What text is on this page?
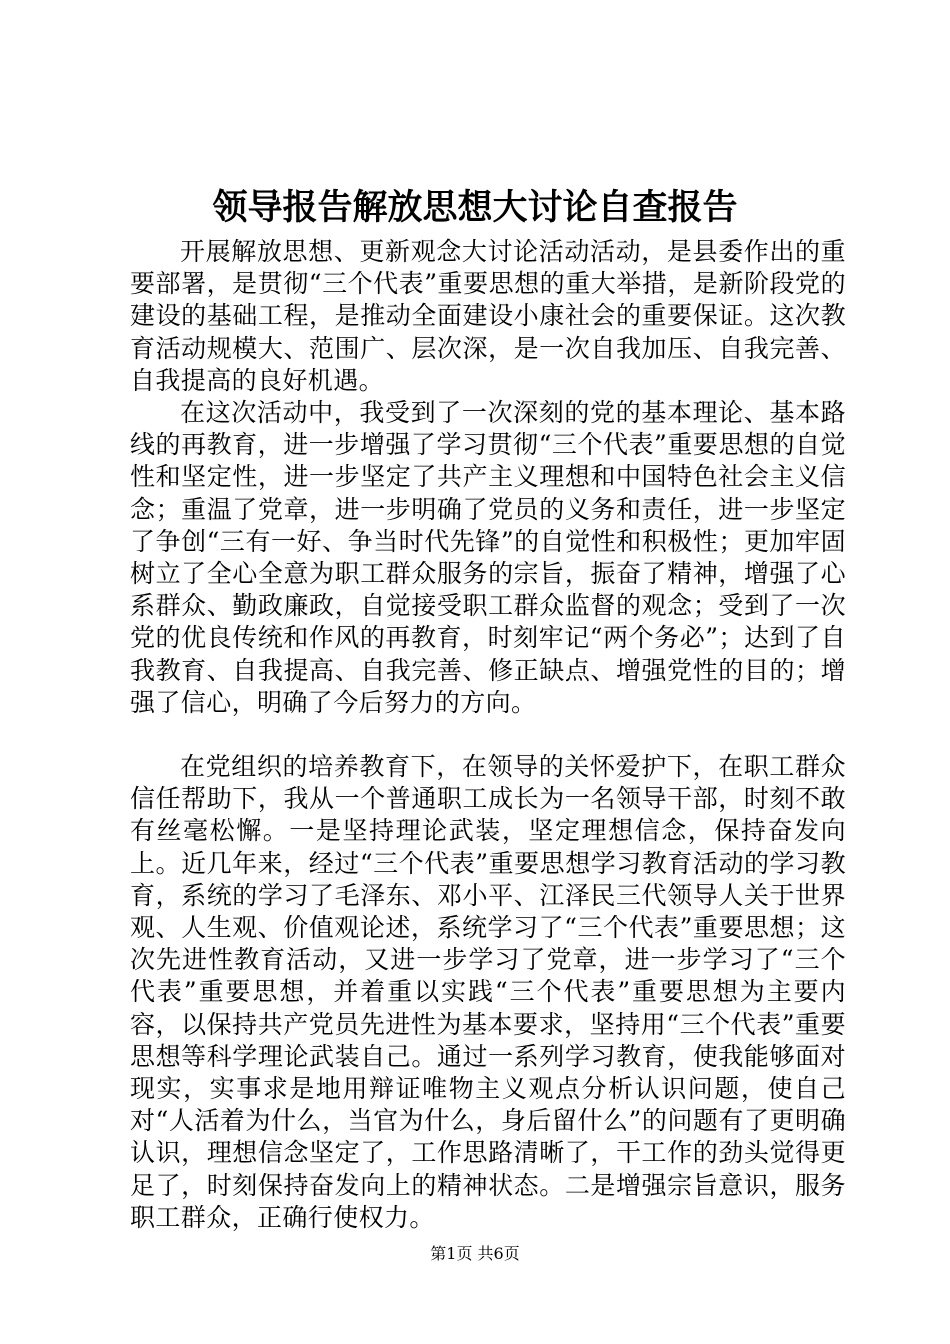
领导报告解放思想大讨论自查报告

开展解放思想、更新观念大讨论活动活动，是县委作出的重要部署，是贯彻“三个代表”重要思想的重大举措，是新阶段党的建设的基础工程，是推动全面建设小康社会的重要保证。这次教育活动规模大、范围广、层次深，是一次自我加压、自我完善、自我提高的良好机遇。

在这次活动中，我受到了一次深刻的党的基本理论、基本路线的再教育，进一步增强了学习贯彻“三个代表”重要思想的自觉性和坚定性，进一步坚定了共产主义理想和中国特色社会主义信念；重温了党章，进一步明确了党员的义务和责任，进一步坚定了争创“三有一好、争当时代先锋”的自觉性和积极性；更加牢固树立了全心全意为职工群众服务的宗旨，振奋了精神，增强了心系群众、勤政廉政，自觉接受职工群众监督的观念；受到了一次党的优良传统和作风的再教育，时刻牢记“两个务必”；达到了自我教育、自我提高、自我完善、修正缺点、增强党性的目的；增强了信心，明确了今后努力的方向。

在党组织的培养教育下，在领导的关怀爱护下，在职工群众信任帮助下，我从一个普通职工成长为一名领导干部，时刻不敢有丝毫松懈。一是坚持理论武装，坚定理想信念，保持奋发向上。近几年来，经过“三个代表”重要思想学习教育活动的学习教育，系统的学习了毛泽东、邓小平、江泽民三代领导人关于世界观、人生观、价值观论述，系统学习了“三个代表”重要思想；这次先进性教育活动，又进一步学习了党章，进一步学习了“三个代表”重要思想，并着重以实践“三个代表”重要思想为主要内容，以保持共产党员先进性为基本要求，坚持用“三个代表”重要思想等科学理论武装自己。通过一系列学习教育，使我能够面对现实，实事求是地用辩证唯物主义观点分析认识问题，使自己对“人活着为什么，当官为什么，身后留什么”的问题有了更明确认识，理想信念坚定了，工作思路清晰了，干工作的劲头觉得更足了，时刻保持奋发向上的精神状态。二是增强宗旨意识，服务职工群众，正确行使权力。

第1页 共6页
